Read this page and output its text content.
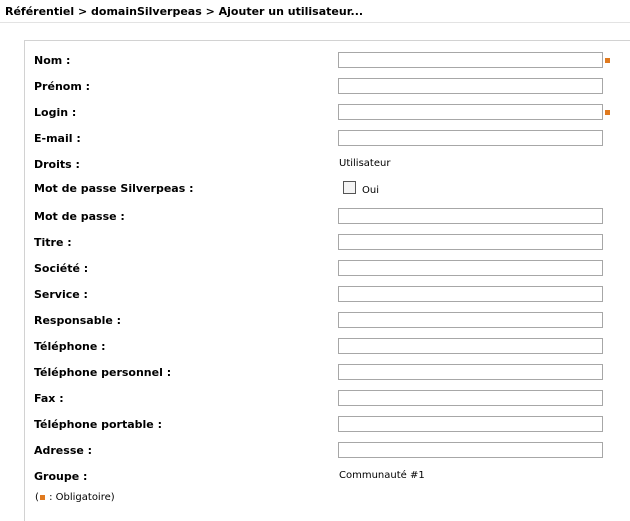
Référentiel > domainSilverpeas > Ajouter un utilisateur...
Nom :
Prénom :
Login :
E-mail :
Droits :	Utilisateur
Mot de passe Silverpeas :	Oui
Mot de passe :
Titre :
Société :
Service :
Responsable :
Téléphone :
Téléphone personnel :
Fax :
Téléphone portable :
Adresse :
Groupe :	Communauté #1
( : Obligatoire)
